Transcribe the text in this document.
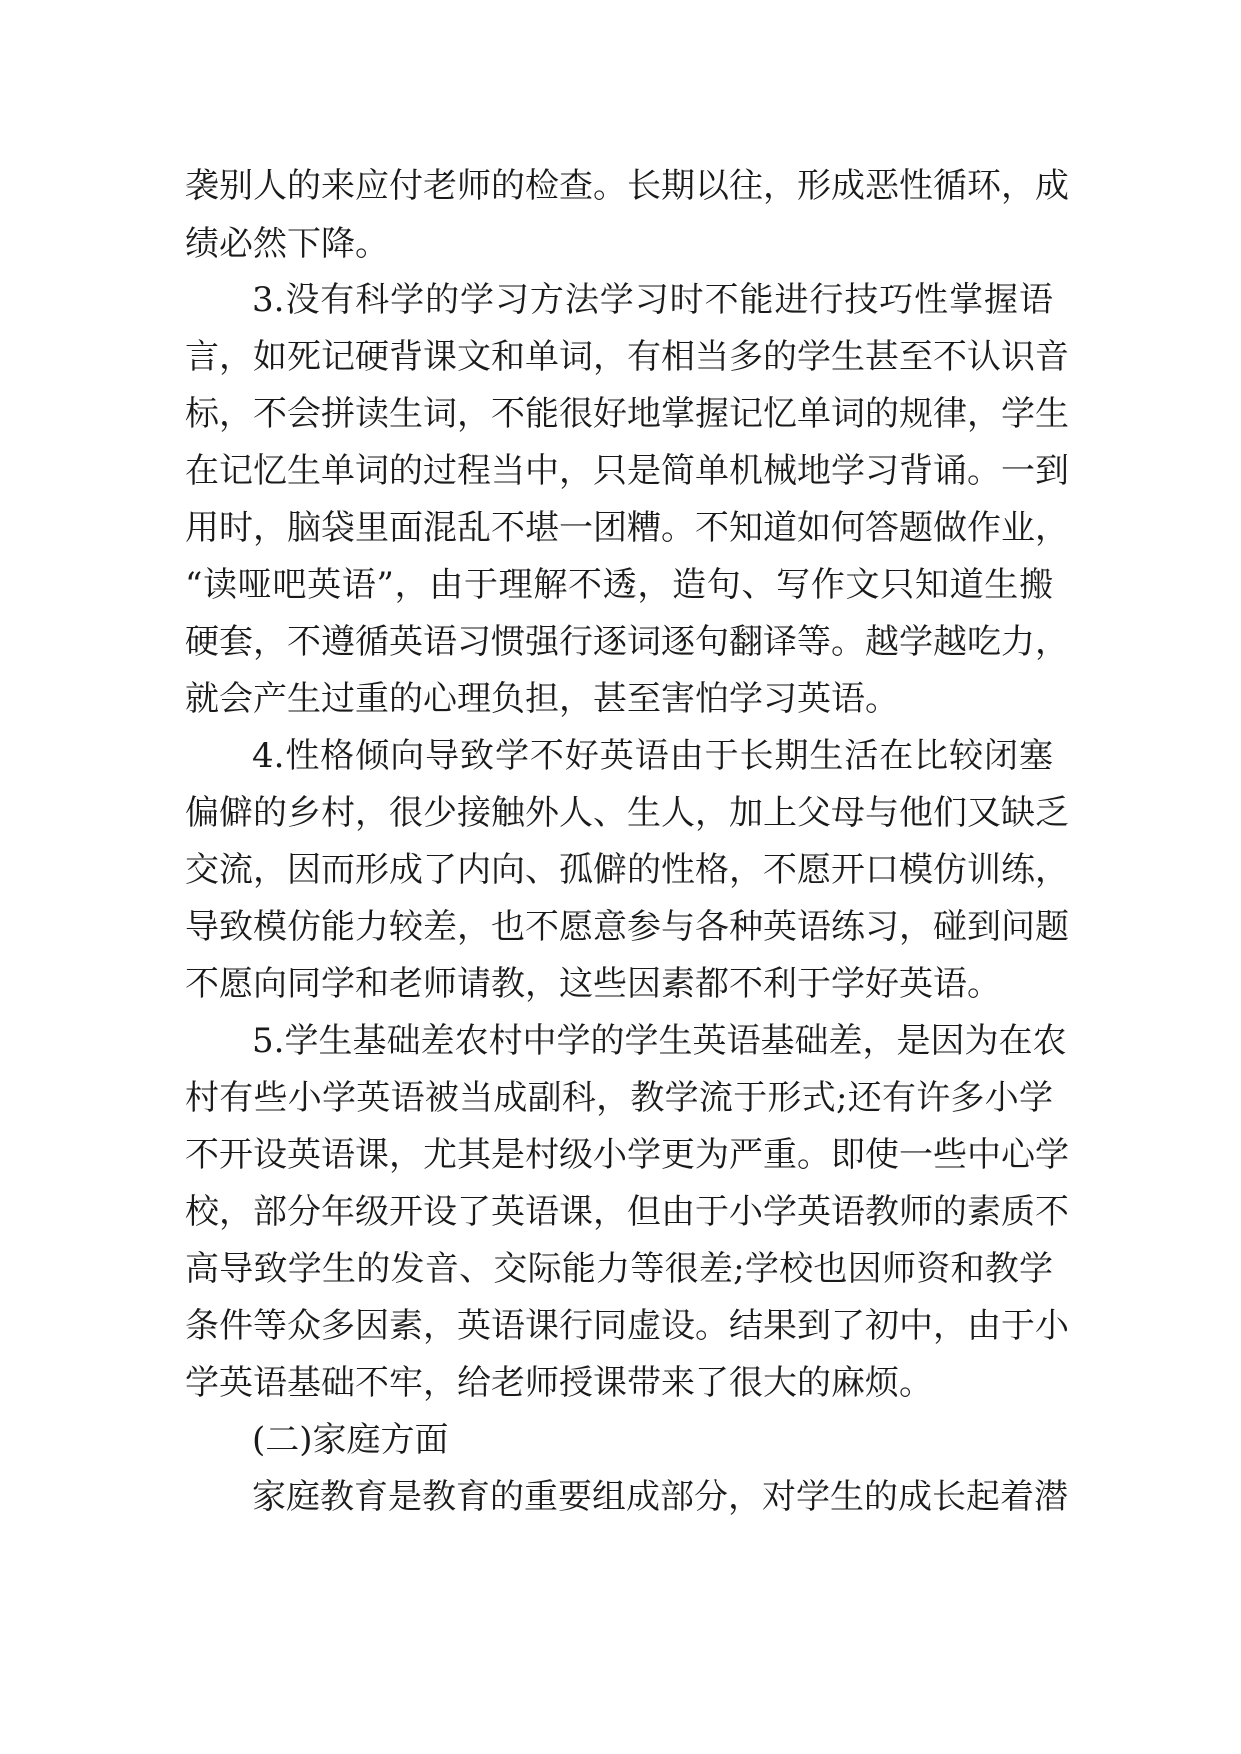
袭别人的来应付老师的检查。长期以往，形成恶性循环，成
绩必然下降。
3.没有科学的学习方法学习时不能进行技巧性掌握语
言，如死记硬背课文和单词，有相当多的学生甚至不认识音
标，不会拼读生词，不能很好地掌握记忆单词的规律，学生
在记忆生单词的过程当中，只是简单机械地学习背诵。一到
用时，脑袋里面混乱不堪一团糟。不知道如何答题做作业，
“读哑吧英语”，由于理解不透，造句、写作文只知道生搬
硬套，不遵循英语习惯强行逐词逐句翻译等。越学越吃力，
就会产生过重的心理负担，甚至害怕学习英语。
4.性格倾向导致学不好英语由于长期生活在比较闭塞
偏僻的乡村，很少接触外人、生人，加上父母与他们又缺乏
交流，因而形成了内向、孤僻的性格，不愿开口模仿训练，
导致模仿能力较差，也不愿意参与各种英语练习，碰到问题
不愿向同学和老师请教，这些因素都不利于学好英语。
5.学生基础差农村中学的学生英语基础差，是因为在农
村有些小学英语被当成副科，教学流于形式;还有许多小学
不开设英语课，尤其是村级小学更为严重。即使一些中心学
校，部分年级开设了英语课，但由于小学英语教师的素质不
高导致学生的发音、交际能力等很差;学校也因师资和教学
条件等众多因素，英语课行同虚设。结果到了初中，由于小
学英语基础不牢，给老师授课带来了很大的麻烦。
(二)家庭方面
家庭教育是教育的重要组成部分，对学生的成长起着潜
